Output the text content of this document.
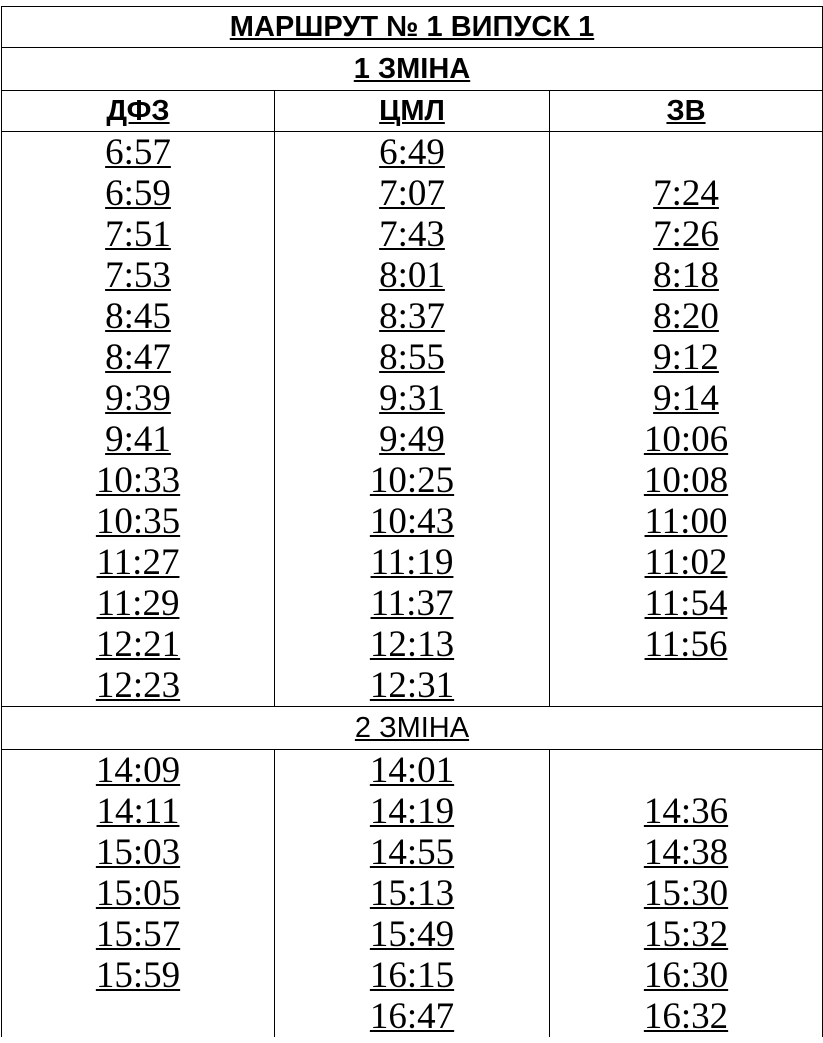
МАРШРУТ № 1 ВИПУСК 1		
1 ЗМІНА		
ДФЗ	ЦМЛ	ЗВ
6:57	6:49	
6:59	7:07	7:24
7:51	7:43	7:26
7:53	8:01	8:18
8:45	8:37	8:20
8:47	8:55	9:12
9:39	9:31	9:14
9:41	9:49	10:06
10:33	10:25	10:08
10:35	10:43	11:00
11:27	11:19	11:02
11:29	11:37	11:54
12:21	12:13	11:56
12:23	12:31	
2 ЗМІНА		
14:09	14:01	
14:11	14:19	14:36
15:03	14:55	14:38
15:05	15:13	15:30
15:57	15:49	15:32
15:59	16:15	16:30
	16:47	16:32
